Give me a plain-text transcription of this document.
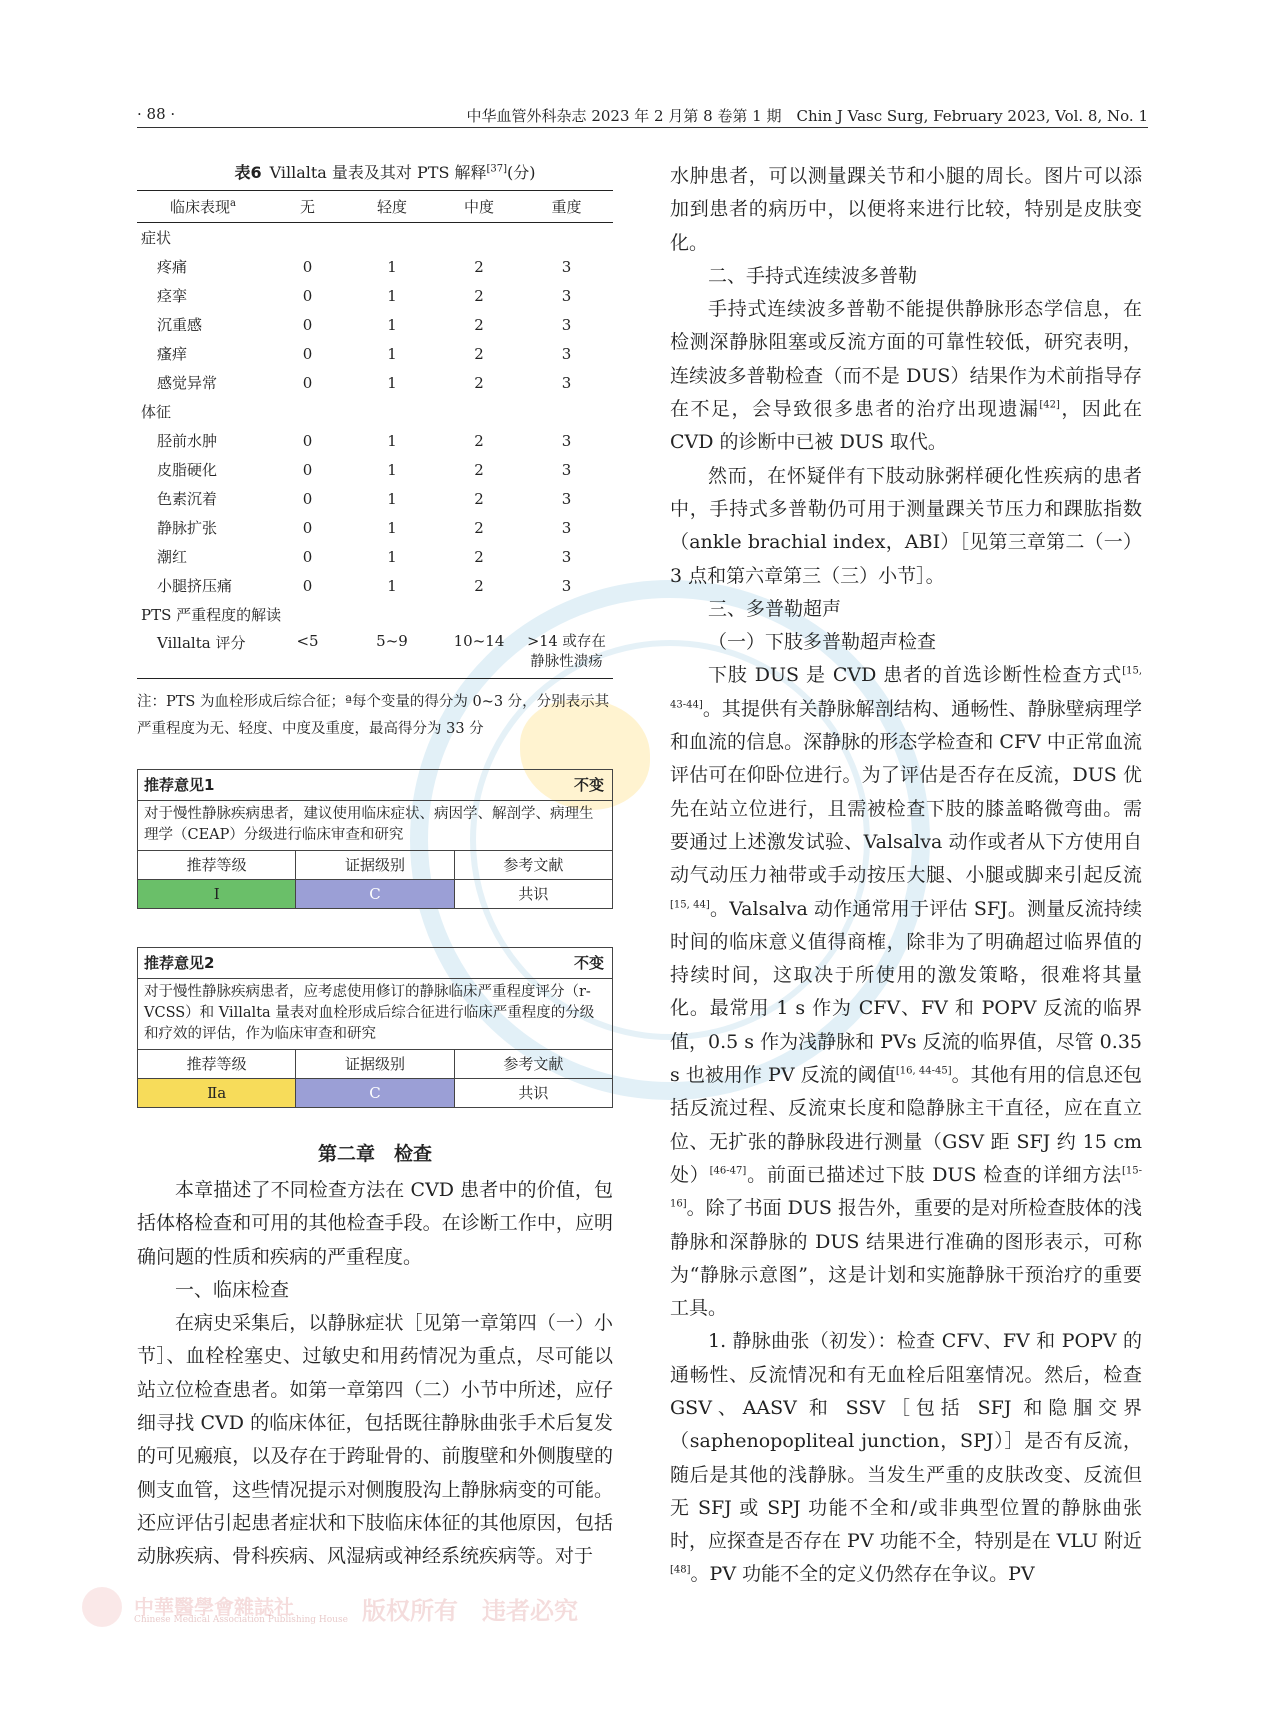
· 88 ·	中华血管外科杂志 2023 年 2 月第 8 卷第 1 期　Chin J Vasc Surg, February 2023, Vol. 8, No. 1
表6 Villalta 量表及其对 PTS 解释[37](分)
临床表现$^a$	无	轻度	中度	重度
症状				
疼痛	0	1	2	3
痉挛	0	1	2	3
沉重感	0	1	2	3
瘙痒	0	1	2	3
感觉异常	0	1	2	3
体征				
胫前水肿	0	1	2	3
皮脂硬化	0	1	2	3
色素沉着	0	1	2	3
静脉扩张	0	1	2	3
潮红	0	1	2	3
小腿挤压痛	0	1	2	3
PTS 严重程度的解读				
Villalta 评分	<5	5~9	10~14	>14 或存在静脉性溃疡
注：PTS 为血栓形成后综合征；ª每个变量的得分为 0~3 分，分别表示其严重程度为无、轻度、中度及重度，最高得分为 33 分
推荐意见1	不变
对于慢性静脉疾病患者，建议使用临床症状、病因学、解剖学、病理生理学（CEAP）分级进行临床审查和研究
推荐等级	证据级别	参考文献
I	C	共识
推荐意见2	不变
对于慢性静脉疾病患者，应考虑使用修订的静脉临床严重程度评分（r-VCSS）和 Villalta 量表对血栓形成后综合征进行临床严重程度的分级和疗效的评估，作为临床审查和研究
推荐等级	证据级别	参考文献
Ⅱa	C	共识
第二章　检查

本章描述了不同检查方法在 CVD 患者中的价值，包括体格检查和可用的其他检查手段。在诊断工作中，应明确问题的性质和疾病的严重程度。

一、临床检查

在病史采集后，以静脉症状［见第一章第四（一）小节］、血栓栓塞史、过敏史和用药情况为重点，尽可能以站立位检查患者。如第一章第四（二）小节中所述，应仔细寻找 CVD 的临床体征，包括既往静脉曲张手术后复发的可见瘢痕，以及存在于跨耻骨的、前腹壁和外侧腹壁的侧支血管，这些情况提示对侧腹股沟上静脉病变的可能。还应评估引起患者症状和下肢临床体征的其他原因，包括动脉疾病、骨科疾病、风湿病或神经系统疾病等。对于

水肿患者，可以测量踝关节和小腿的周长。图片可以添加到患者的病历中，以便将来进行比较，特别是皮肤变化。

二、手持式连续波多普勒

手持式连续波多普勒不能提供静脉形态学信息，在检测深静脉阻塞或反流方面的可靠性较低，研究表明，连续波多普勒检查（而不是 DUS）结果作为术前指导存在不足，会导致很多患者的治疗出现遗漏[42]，因此在 CVD 的诊断中已被 DUS 取代。

然而，在怀疑伴有下肢动脉粥样硬化性疾病的患者中，手持式多普勒仍可用于测量踝关节压力和踝肱指数（ankle brachial index，ABI）［见第三章第二（一）3 点和第六章第三（三）小节］。

三、多普勒超声

（一）下肢多普勒超声检查

下肢 DUS 是 CVD 患者的首选诊断性检查方式[15, 43-44]。其提供有关静脉解剖结构、通畅性、静脉壁病理学和血流的信息。深静脉的形态学检查和 CFV 中正常血流评估可在仰卧位进行。为了评估是否存在反流，DUS 优先在站立位进行，且需被检查下肢的膝盖略微弯曲。需要通过上述激发试验、Valsalva 动作或者从下方使用自动气动压力袖带或手动按压大腿、小腿或脚来引起反流[15, 44]。Valsalva 动作通常用于评估 SFJ。测量反流持续时间的临床意义值得商榷，除非为了明确超过临界值的持续时间，这取决于所使用的激发策略，很难将其量化。最常用 1 s 作为 CFV、FV 和 POPV 反流的临界值，0.5 s 作为浅静脉和 PVs 反流的临界值，尽管 0.35 s 也被用作 PV 反流的阈值[16, 44-45]。其他有用的信息还包括反流过程、反流束长度和隐静脉主干直径，应在直立位、无扩张的静脉段进行测量（GSV 距 SFJ 约 15 cm 处）[46-47]。前面已描述过下肢 DUS 检查的详细方法[15-16]。除了书面 DUS 报告外，重要的是对所检查肢体的浅静脉和深静脉的 DUS 结果进行准确的图形表示，可称为“静脉示意图”，这是计划和实施静脉干预治疗的重要工具。

1. 静脉曲张（初发）：检查 CFV、FV 和 POPV 的通畅性、反流情况和有无血栓后阻塞情况。然后，检查 GSV、AASV 和 SSV［包括 SFJ 和隐腘交界（saphenopopliteal junction，SPJ）］是否有反流，随后是其他的浅静脉。当发生严重的皮肤改变、反流但无 SFJ 或 SPJ 功能不全和/或非典型位置的静脉曲张时，应探查是否存在 PV 功能不全，特别是在 VLU 附近[48]。PV 功能不全的定义仍然存在争议。PV

中華醫學會雜誌社
Chinese Medical Association Publishing House 版权所有　违者必究
